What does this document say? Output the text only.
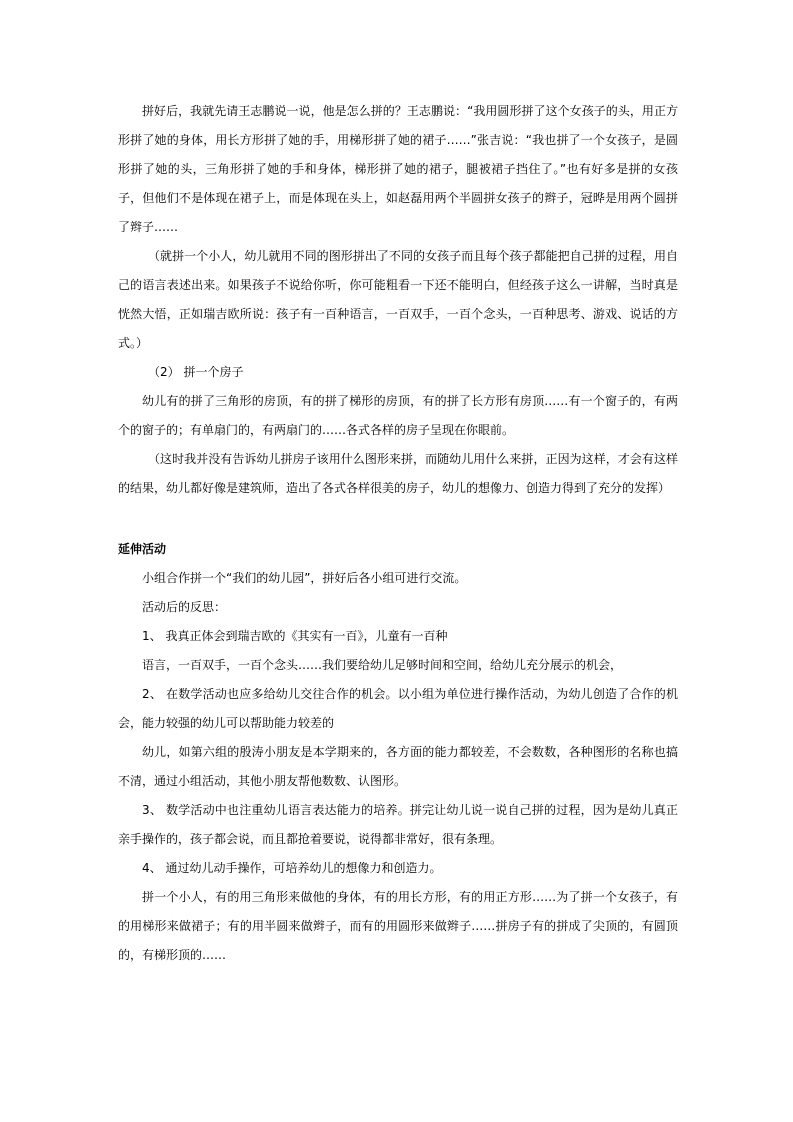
拼好后，我就先请王志鹏说一说，他是怎么拼的？王志鹏说：“我用圆形拼了这个女孩子的头，用正方形拼了她的身体，用长方形拼了她的手，用梯形拼了她的裙子……”张吉说：“我也拼了一个女孩子，是圆形拼了她的头，三角形拼了她的手和身体，梯形拼了她的裙子，腿被裙子挡住了。”也有好多是拼的女孩子，但他们不是体现在裙子上，而是体现在头上，如赵磊用两个半圆拼女孩子的辫子，冠晔是用两个圆拼了辫子……

（就拼一个小人，幼儿就用不同的图形拼出了不同的女孩子而且每个孩子都能把自己拼的过程，用自己的语言表述出来。如果孩子不说给你听，你可能粗看一下还不能明白，但经孩子这么一讲解，当时真是恍然大悟，正如瑞吉欧所说：孩子有一百种语言，一百双手，一百个念头，一百种思考、游戏、说话的方式。）

（2） 拼一个房子

幼儿有的拼了三角形的房顶，有的拼了梯形的房顶，有的拼了长方形有房顶……有一个窗子的，有两个的窗子的；有单扇门的，有两扇门的……各式各样的房子呈现在你眼前。

（这时我并没有告诉幼儿拼房子该用什么图形来拼，而随幼儿用什么来拼，正因为这样，才会有这样的结果，幼儿都好像是建筑师，造出了各式各样很美的房子，幼儿的想像力、创造力得到了充分的发挥）

延伸活动

小组合作拼一个“我们的幼儿园”，拼好后各小组可进行交流。

活动后的反思：

1、 我真正体会到瑞吉欧的《其实有一百》，儿童有一百种

语言，一百双手，一百个念头……我们要给幼儿足够时间和空间，给幼儿充分展示的机会，

2、 在数学活动也应多给幼儿交往合作的机会。以小组为单位进行操作活动，为幼儿创造了合作的机会，能力较强的幼儿可以帮助能力较差的

幼儿，如第六组的殷涛小朋友是本学期来的，各方面的能力都较差，不会数数，各种图形的名称也搞不清，通过小组活动，其他小朋友帮他数数、认图形。

3、 数学活动中也注重幼儿语言表达能力的培养。拼完让幼儿说一说自己拼的过程，因为是幼儿真正亲手操作的，孩子都会说，而且都抢着要说，说得都非常好，很有条理。

4、 通过幼儿动手操作，可培养幼儿的想像力和创造力。

拼一个小人，有的用三角形来做他的身体，有的用长方形，有的用正方形……为了拼一个女孩子，有的用梯形来做裙子；有的用半圆来做辫子，而有的用圆形来做辫子……拼房子有的拼成了尖顶的，有圆顶的，有梯形顶的……
